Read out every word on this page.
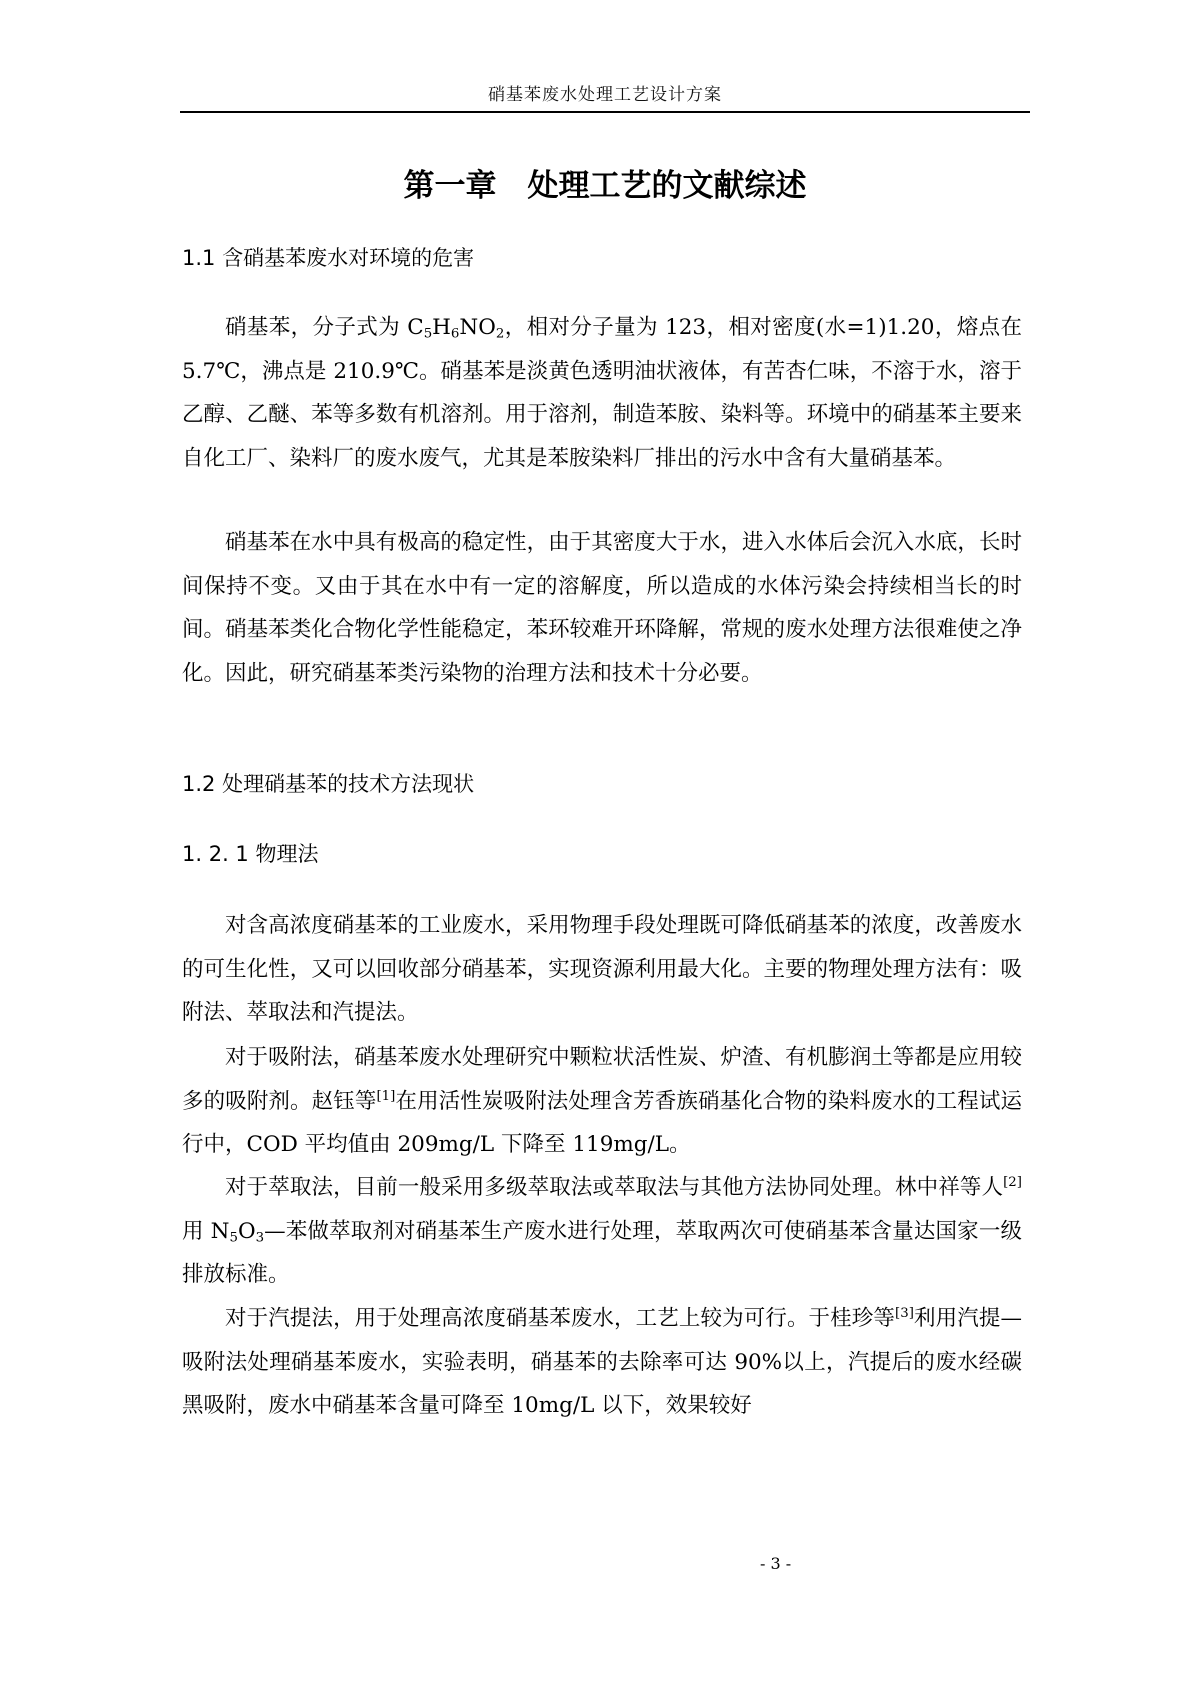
硝基苯废水处理工艺设计方案
第一章　处理工艺的文献综述
1.1 含硝基苯废水对环境的危害

硝基苯，分子式为 $C_5H_6NO_2$，相对分子量为 123，相对密度(水=1)1.20，熔点在 5.7℃，沸点是 210.9℃。硝基苯是淡黄色透明油状液体，有苦杏仁味，不溶于水，溶于乙醇、乙醚、苯等多数有机溶剂。用于溶剂，制造苯胺、染料等。环境中的硝基苯主要来自化工厂、染料厂的废水废气，尤其是苯胺染料厂排出的污水中含有大量硝基苯。

硝基苯在水中具有极高的稳定性，由于其密度大于水，进入水体后会沉入水底，长时间保持不变。又由于其在水中有一定的溶解度，所以造成的水体污染会持续相当长的时间。硝基苯类化合物化学性能稳定，苯环较难开环降解，常规的废水处理方法很难使之净化。因此，研究硝基苯类污染物的治理方法和技术十分必要。

1.2 处理硝基苯的技术方法现状
1. 2. 1 物理法

对含高浓度硝基苯的工业废水，采用物理手段处理既可降低硝基苯的浓度，改善废水的可生化性，又可以回收部分硝基苯，实现资源利用最大化。主要的物理处理方法有：吸附法、萃取法和汽提法。

对于吸附法，硝基苯废水处理研究中颗粒状活性炭、炉渣、有机膨润土等都是应用较多的吸附剂。赵钰等[1]在用活性炭吸附法处理含芳香族硝基化合物的染料废水的工程试运行中，COD 平均值由 209mg/L 下降至 119mg/L。

对于萃取法，目前一般采用多级萃取法或萃取法与其他方法协同处理。林中祥等人[2]用 $N_5O_3—$苯做萃取剂对硝基苯生产废水进行处理，萃取两次可使硝基苯含量达国家一级排放标准。

对于汽提法，用于处理高浓度硝基苯废水，工艺上较为可行。于桂珍等[3]利用汽提—吸附法处理硝基苯废水，实验表明，硝基苯的去除率可达 90%以上，汽提后的废水经碳黑吸附，废水中硝基苯含量可降至 10mg/L 以下，效果较好

- 3 -
